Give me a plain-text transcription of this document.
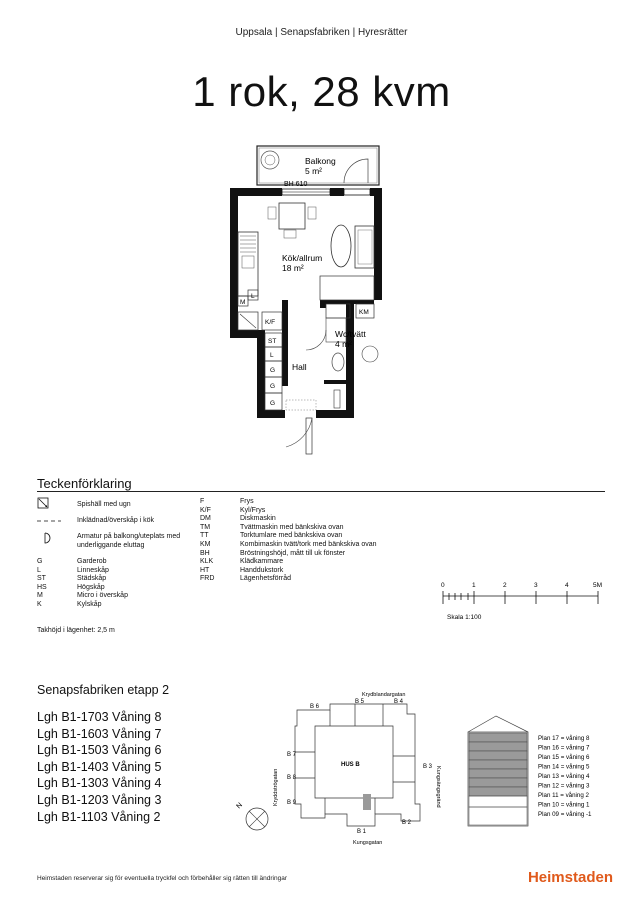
Uppsala | Senapsfabriken | Hyresrätter
1 rok, 28 kvm
Balkong
5 m²
BH 610
M
L
K/F
Kök/allrum
18 m²
KM
Wc/tvätt
4 m²
ST
L
G
G
G
Hall
Teckenförklaring
Spishäll med ugn
Inklädnad/överskåp i kök
Armatur på balkong/uteplats med underliggande eluttag
G	Garderob
L	Linneskåp
ST	Städskåp
HS	Högskåp
M	Micro i överskåp
K	Kylskåp
F	Frys
K/F	Kyl/Frys
DM	Diskmaskin
TM	Tvättmaskin med bänkskiva ovan
TT	Torktumlare med bänkskiva ovan
KM	Kombimaskin tvätt/tork med bänkskiva ovan
BH	Bröstningshöjd, mått till uk fönster
KLK	Klädkammare
HT	Handdukstork
FRD	Lägenhetsförråd
Takhöjd i lägenhet: 2,5 m
0	1	2	3	4	5M
Skala 1:100
Senapsfabriken etapp 2
Lgh B1-1703 Våning 8
Lgh B1-1603 Våning 7
Lgh B1-1503 Våning 6
Lgh B1-1403 Våning 5
Lgh B1-1303 Våning 4
Lgh B1-1203 Våning 3
Lgh B1-1103 Våning 2
Krydblandargatan
Kungsgatan
Kryddströgatan	Kungsängsgränd
HUS B
B 6
B 5	B 4
B 7
B 3
B 8
B 9
B 1
B 2
N
Plan 17 = våning 8
Plan 16 = våning 7
Plan 15 = våning 6
Plan 14 = våning 5
Plan 13 = våning 4
Plan 12 = våning 3
Plan 11 = våning 2
Plan 10 = våning 1
Plan 09 = våning -1
Heimstaden reserverar sig för eventuella tryckfel och förbehåller sig rätten till ändringar	Heimstaden
